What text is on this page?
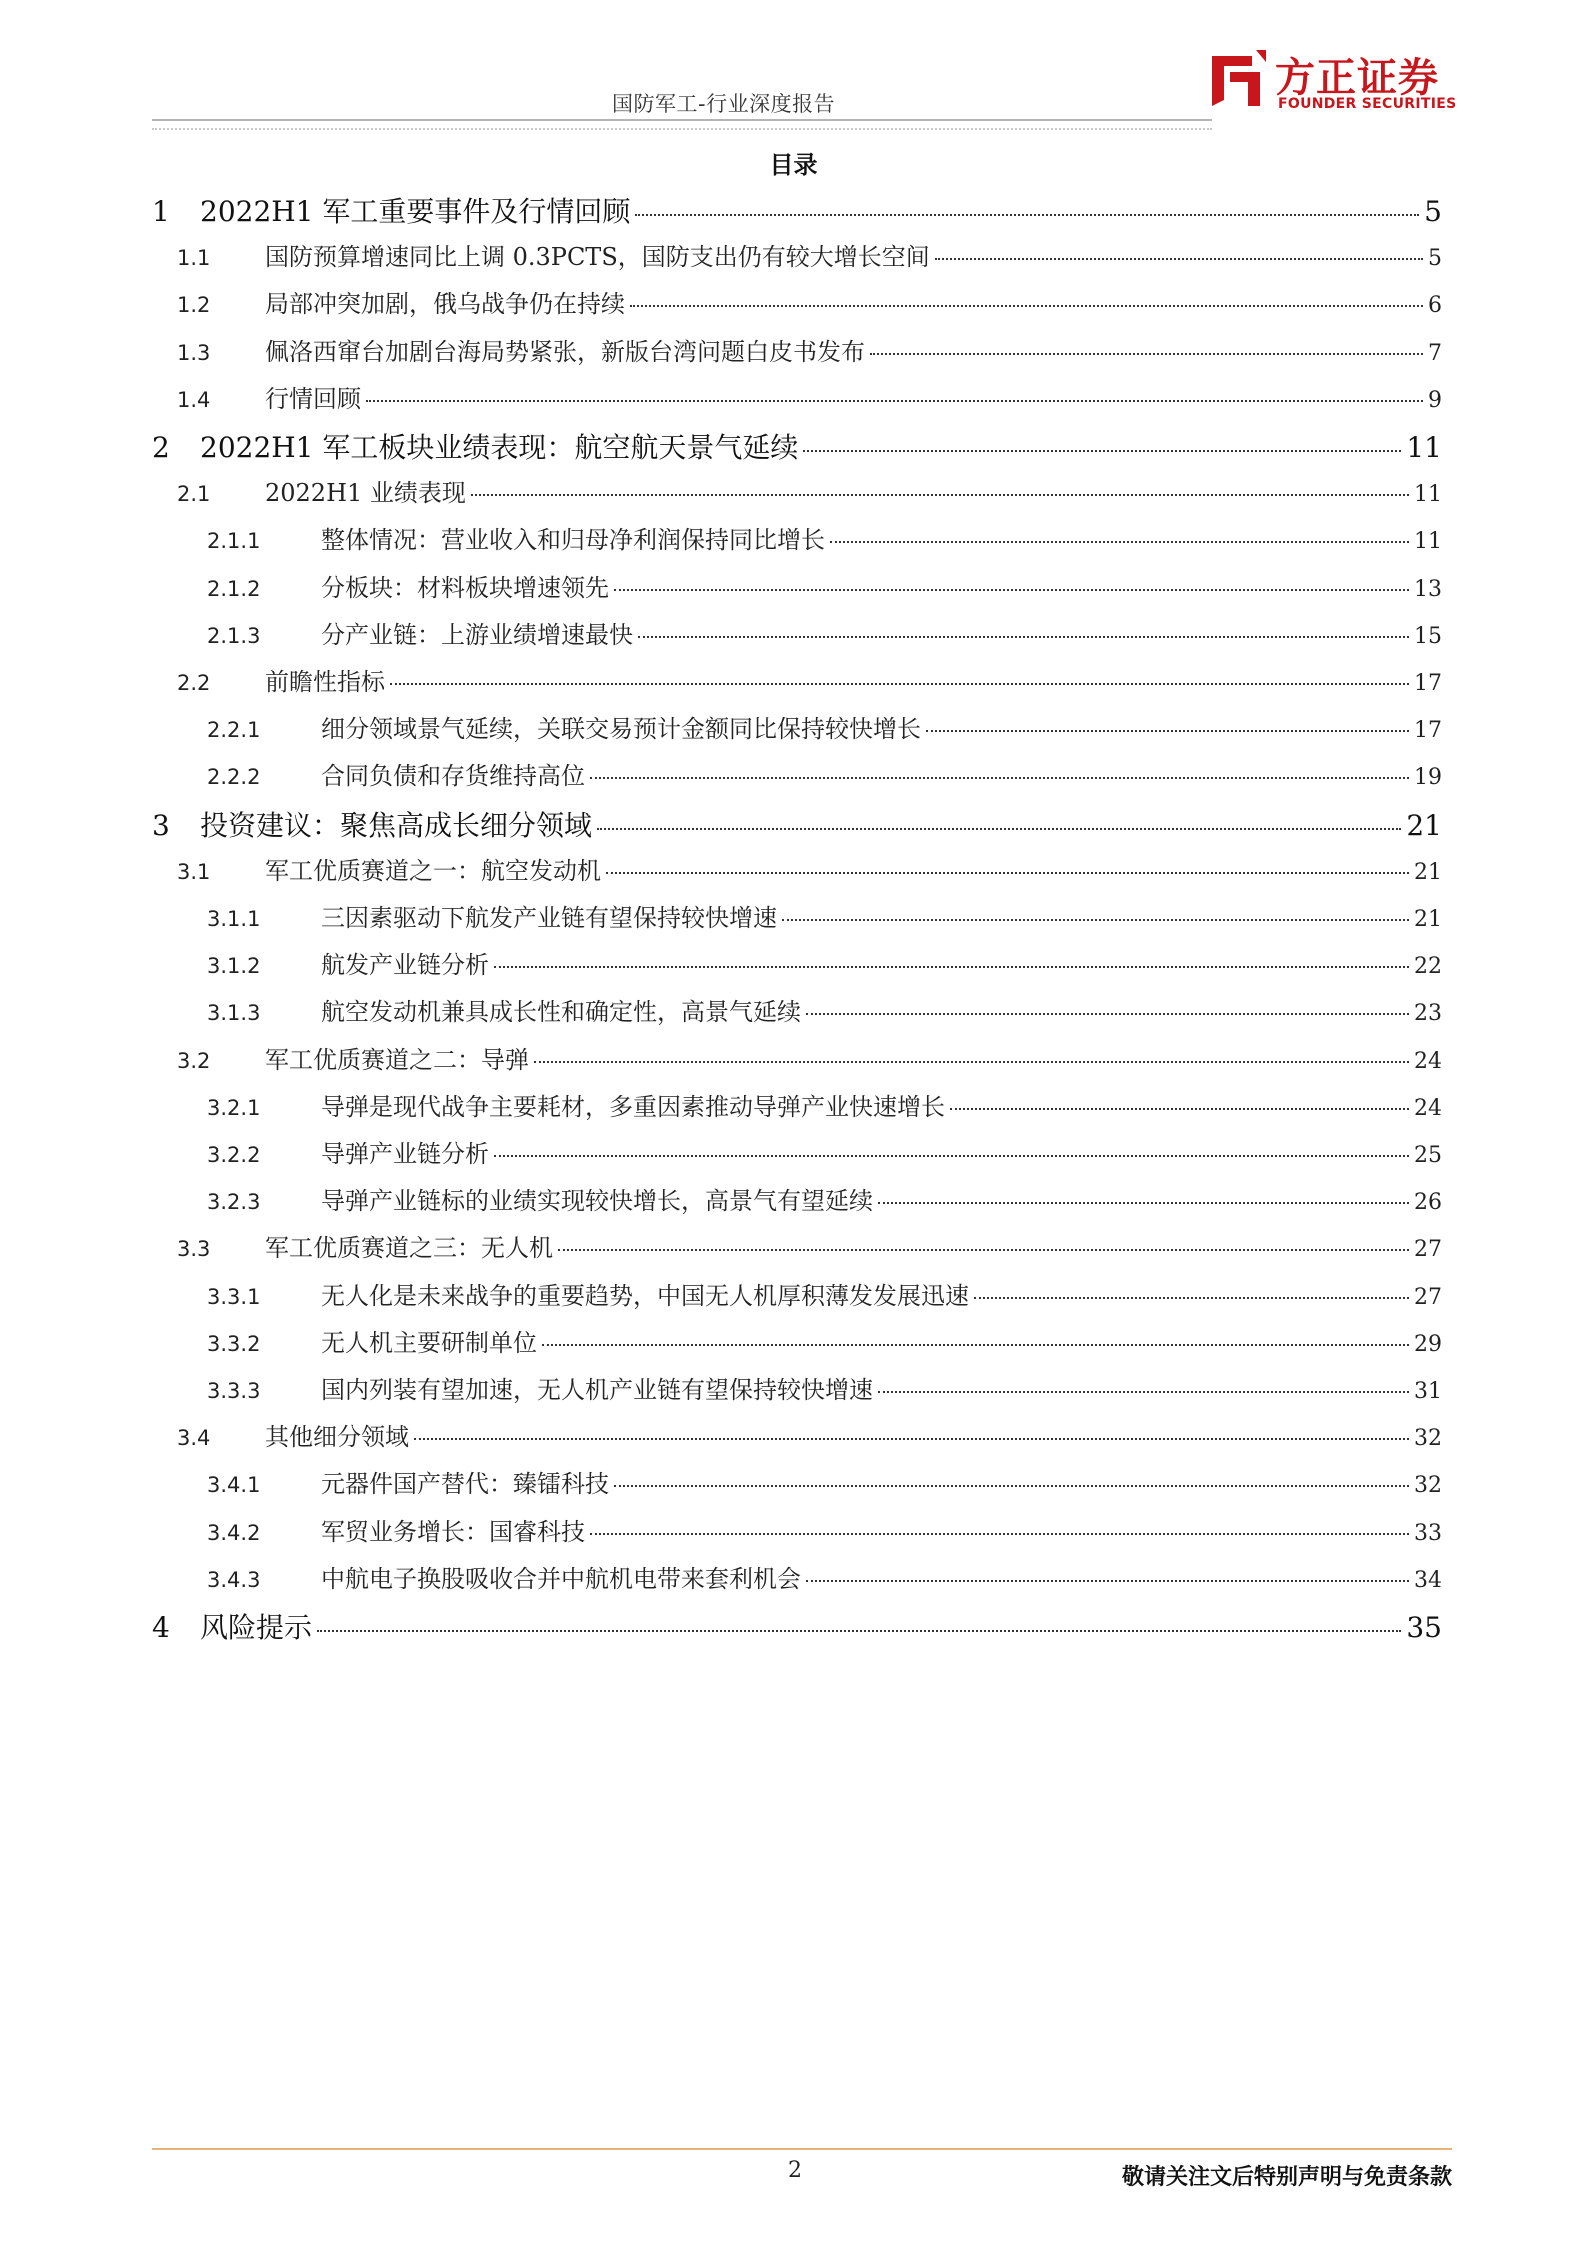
国防军工-行业深度报告
方正证券
FOUNDER SECURITIES
目录
1	2022H1 军工重要事件及行情回顾	5
1.1	国防预算增速同比上调 0.3PCTS，国防支出仍有较大增长空间	5
1.2	局部冲突加剧，俄乌战争仍在持续	6
1.3	佩洛西窜台加剧台海局势紧张，新版台湾问题白皮书发布	7
1.4	行情回顾	9
2	2022H1 军工板块业绩表现：航空航天景气延续	11
2.1	2022H1 业绩表现	11
2.1.1	整体情况：营业收入和归母净利润保持同比增长	11
2.1.2	分板块：材料板块增速领先	13
2.1.3	分产业链：上游业绩增速最快	15
2.2	前瞻性指标	17
2.2.1	细分领域景气延续，关联交易预计金额同比保持较快增长	17
2.2.2	合同负债和存货维持高位	19
3	投资建议：聚焦高成长细分领域	21
3.1	军工优质赛道之一：航空发动机	21
3.1.1	三因素驱动下航发产业链有望保持较快增速	21
3.1.2	航发产业链分析	22
3.1.3	航空发动机兼具成长性和确定性，高景气延续	23
3.2	军工优质赛道之二：导弹	24
3.2.1	导弹是现代战争主要耗材，多重因素推动导弹产业快速增长	24
3.2.2	导弹产业链分析	25
3.2.3	导弹产业链标的业绩实现较快增长，高景气有望延续	26
3.3	军工优质赛道之三：无人机	27
3.3.1	无人化是未来战争的重要趋势，中国无人机厚积薄发发展迅速	27
3.3.2	无人机主要研制单位	29
3.3.3	国内列装有望加速，无人机产业链有望保持较快增速	31
3.4	其他细分领域	32
3.4.1	元器件国产替代：臻镭科技	32
3.4.2	军贸业务增长：国睿科技	33
3.4.3	中航电子换股吸收合并中航机电带来套利机会	34
4	风险提示	35
2	敬请关注文后特别声明与免责条款
